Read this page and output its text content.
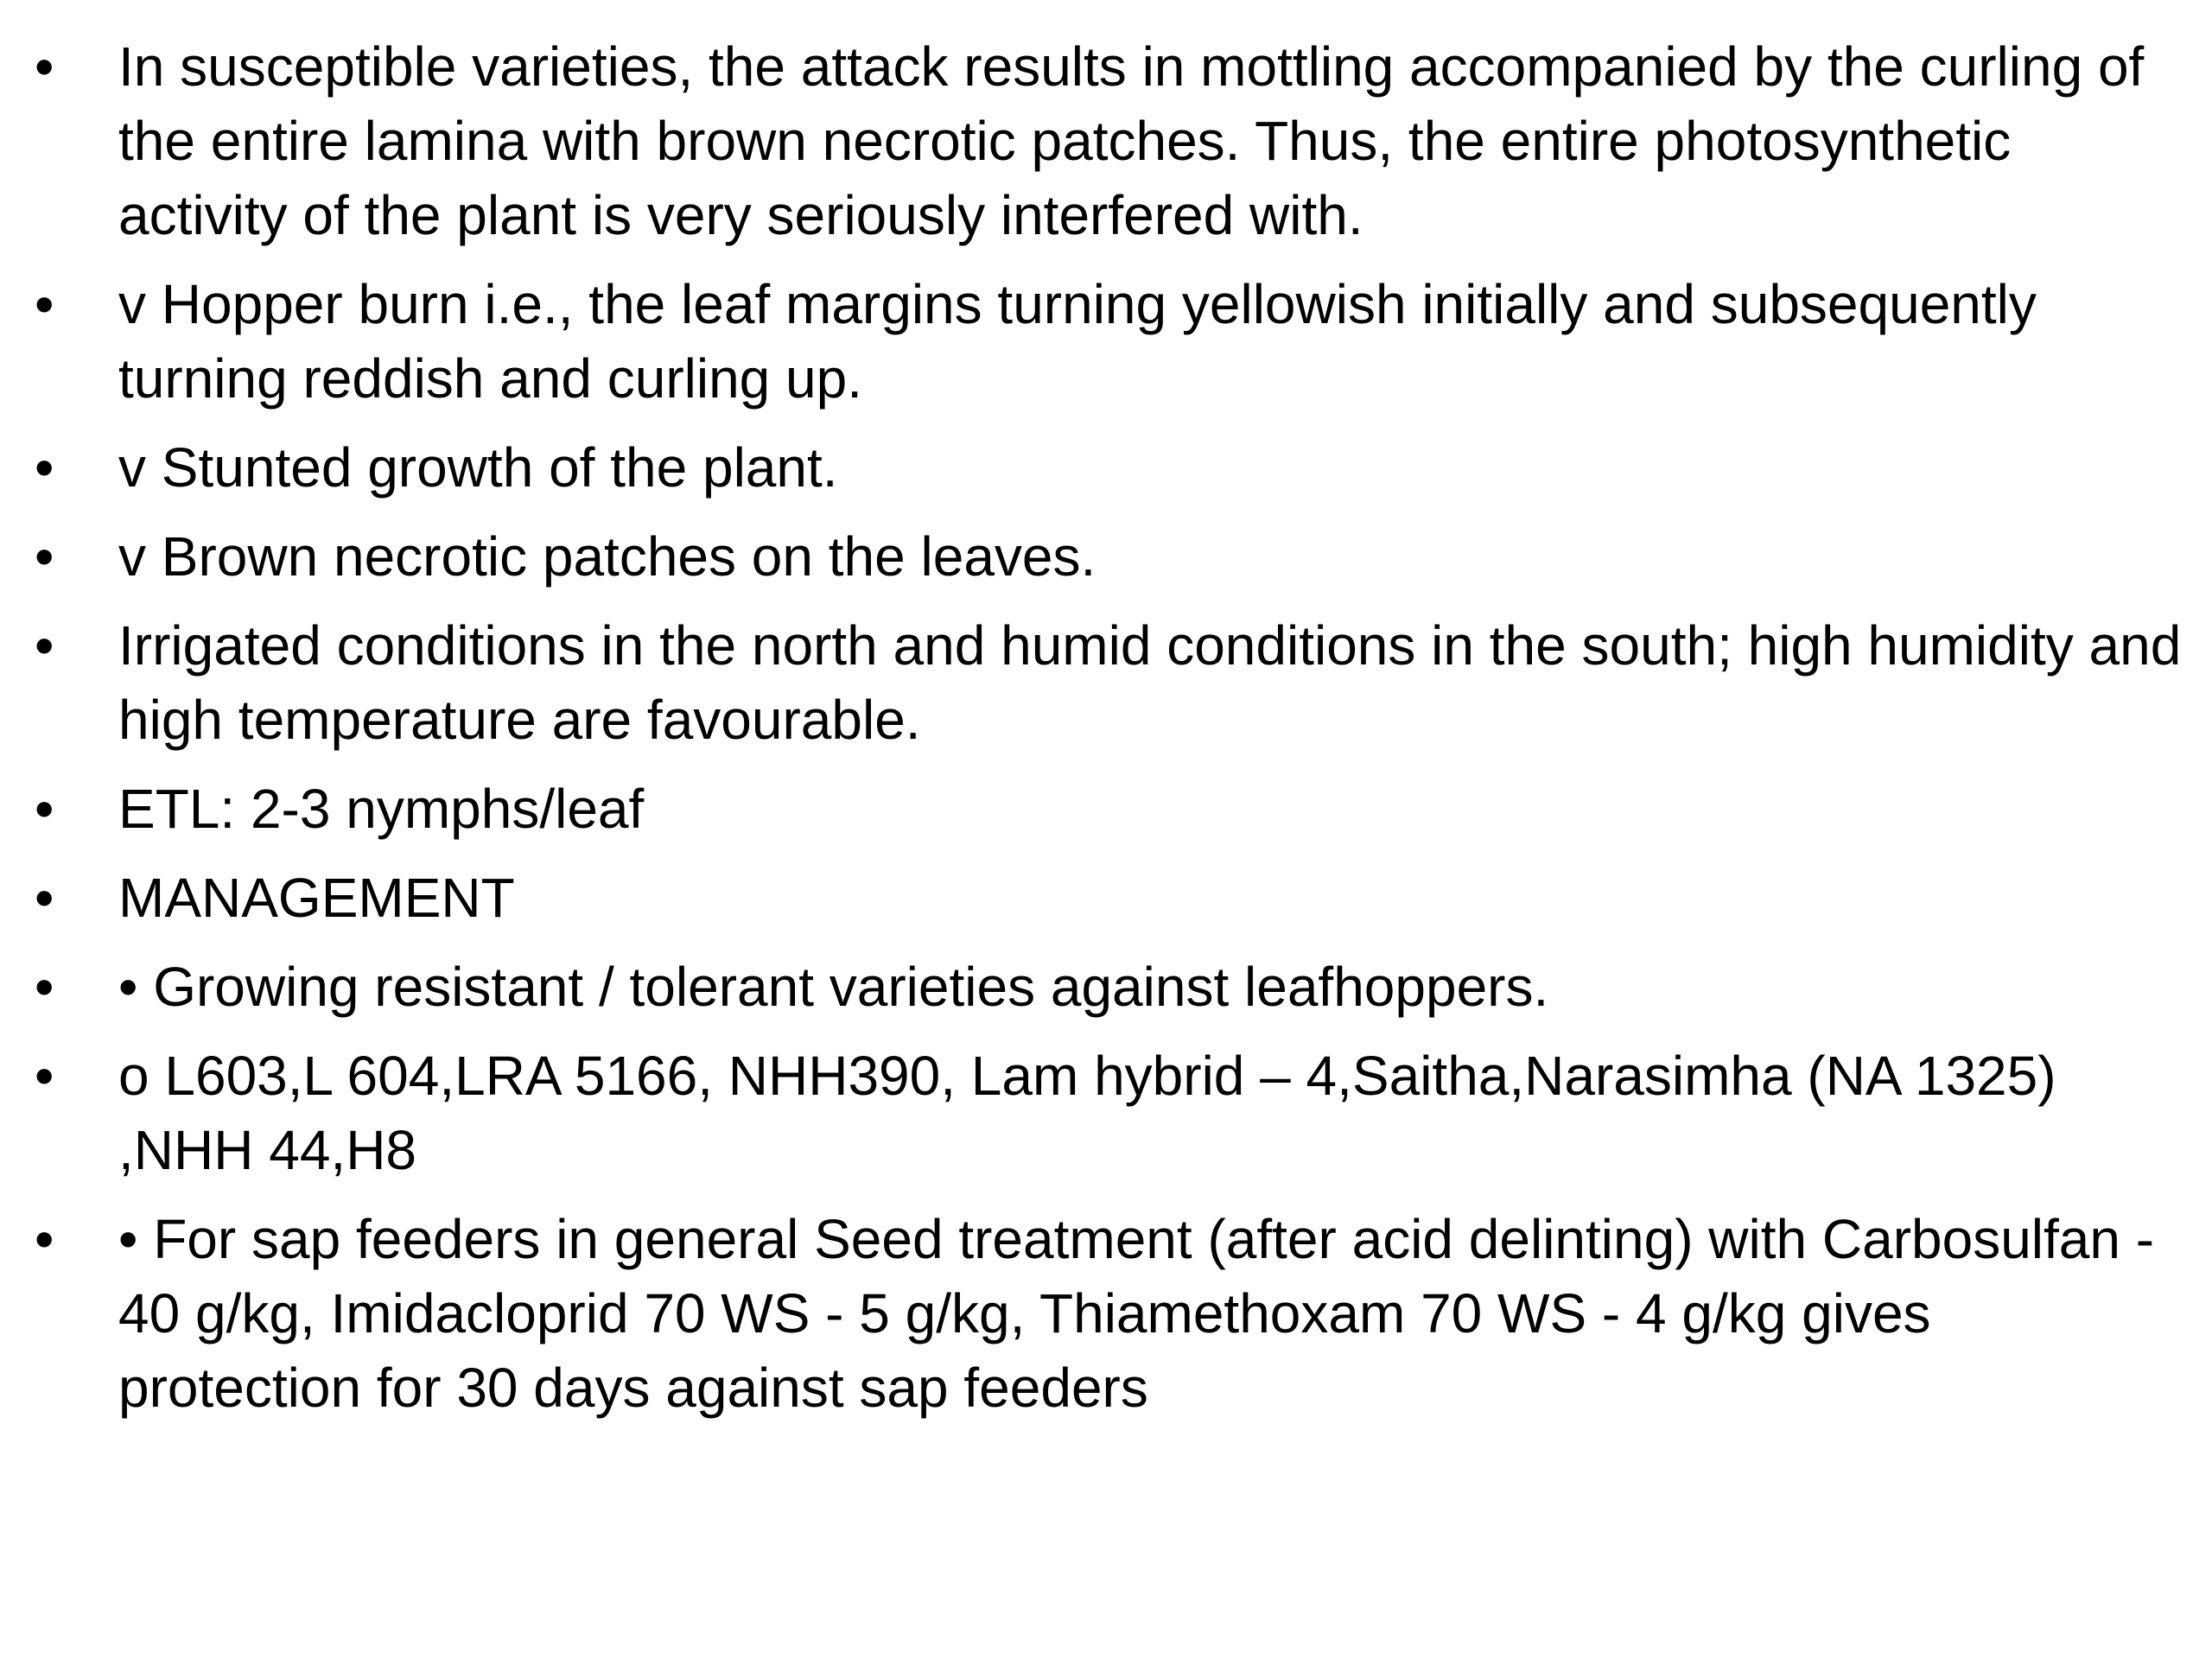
• In susceptible varieties, the attack results in mottling accompanied by the curling of the entire lamina with brown necrotic patches. Thus, the entire photosynthetic activity of the plant is very seriously interfered with.
• v Hopper burn i.e., the leaf margins turning yellowish initially and subsequently turning reddish and curling up.
• v Stunted growth of the plant.
• v Brown necrotic patches on the leaves.
• Irrigated conditions in the north and humid conditions in the south; high humidity and high temperature are favourable.
• ETL: 2-3 nymphs/leaf
• MANAGEMENT
• • Growing resistant / tolerant varieties against leafhoppers.
• o L603,L 604,LRA 5166, NHH390, Lam hybrid – 4,Saitha,Narasimha (NA 1325) ,NHH 44,H8
• • For sap feeders in general Seed treatment (after acid delinting) with Carbosulfan - 40 g/kg, Imidacloprid 70 WS - 5 g/kg, Thiamethoxam 70 WS - 4 g/kg gives protection for 30 days against sap feeders
